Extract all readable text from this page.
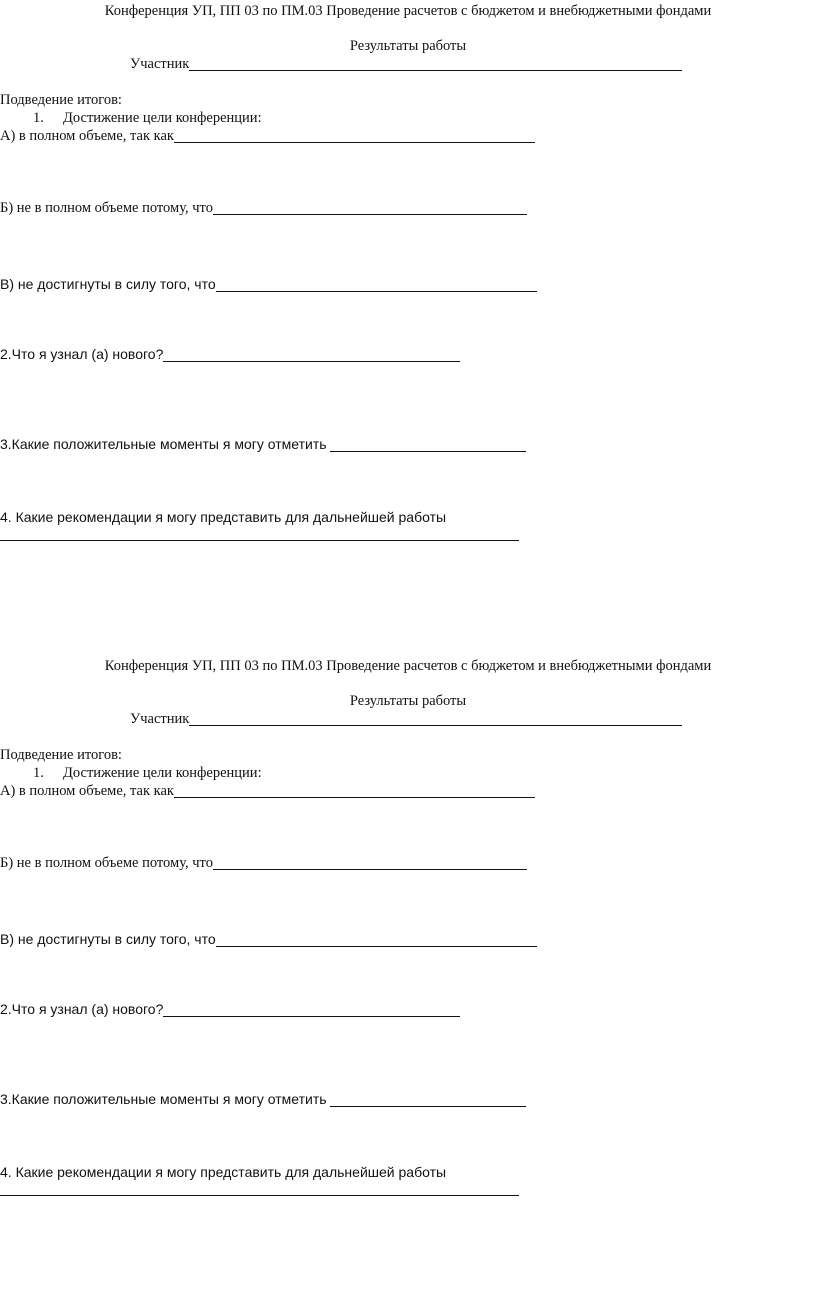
Конференция УП, ПП 03 по ПМ.03 Проведение расчетов с бюджетом и внебюджетными фондами
Результаты работы
Участник
Подведение итогов:
1. Достижение цели конференции:
А) в полном объеме, так как
Б) не в полном объеме потому, что
В) не достигнуты в силу того, что
2.Что я узнал (а) нового?
3.Какие положительные моменты я могу отметить
4. Какие рекомендации я могу представить для дальнейшей работы
Конференция УП, ПП 03 по ПМ.03 Проведение расчетов с бюджетом и внебюджетными фондами
Результаты работы
Участник
Подведение итогов:
1. Достижение цели конференции:
А) в полном объеме, так как
Б) не в полном объеме потому, что
В) не достигнуты в силу того, что
2.Что я узнал (а) нового?
3.Какие положительные моменты я могу отметить
4. Какие рекомендации я могу представить для дальнейшей работы
